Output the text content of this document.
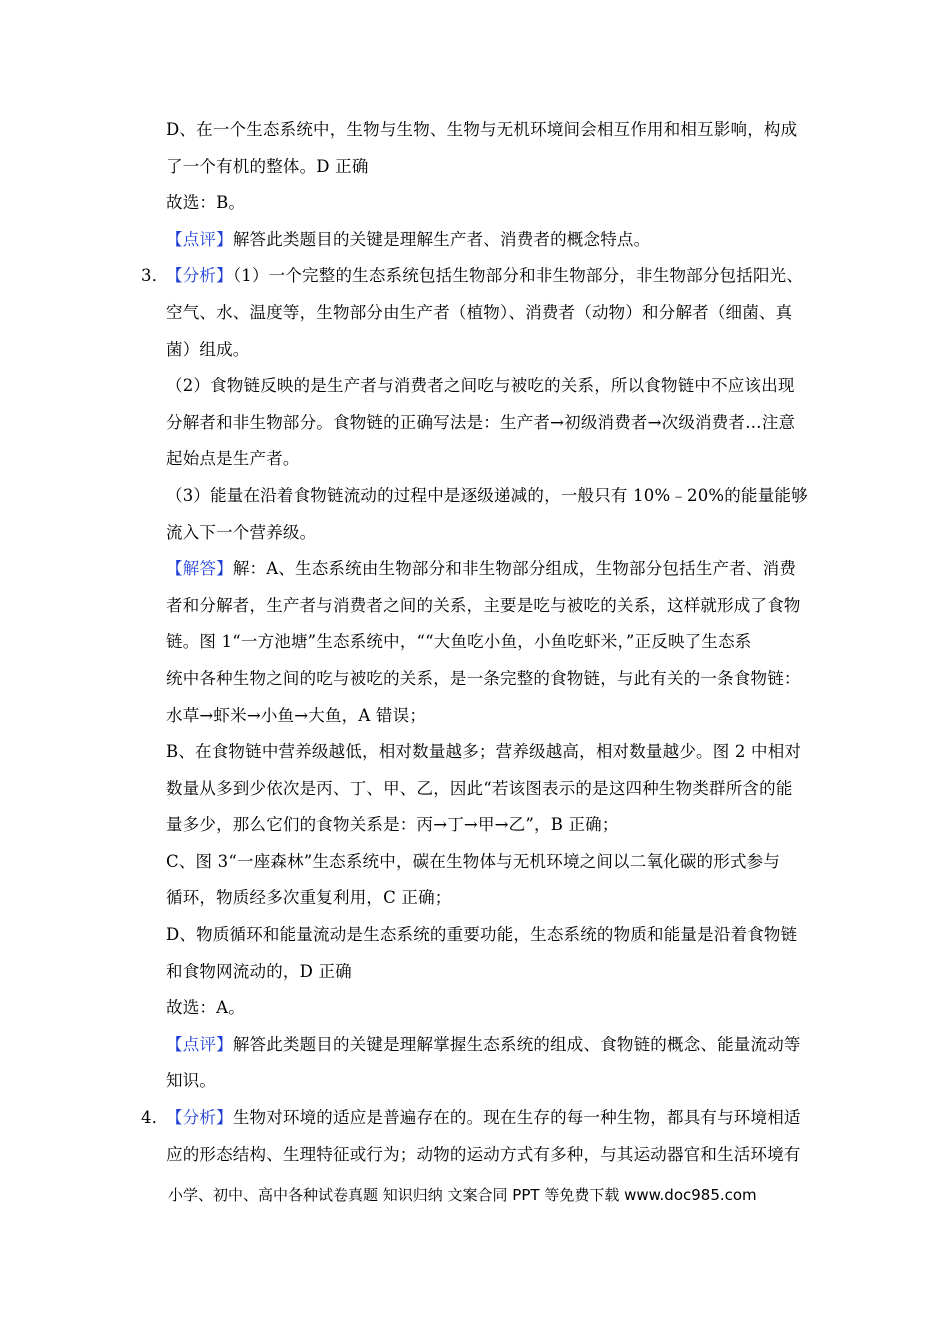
D、在一个生态系统中，生物与生物、生物与无机环境间会相互作用和相互影响，构成
了一个有机的整体。D 正确
故选：B。
【点评】解答此类题目的关键是理解生产者、消费者的概念特点。
3．
【分析】（1）一个完整的生态系统包括生物部分和非生物部分，非生物部分包括阳光、
空气、水、温度等，生物部分由生产者（植物）、消费者（动物）和分解者（细菌、真
菌）组成。
（2）食物链反映的是生产者与消费者之间吃与被吃的关系，所以食物链中不应该出现
分解者和非生物部分。食物链的正确写法是：生产者→初级消费者→次级消费者…注意
起始点是生产者。
（3）能量在沿着食物链流动的过程中是逐级递减的，一般只有 10%﹣20%的能量能够
流入下一个营养级。
【解答】解：A、生态系统由生物部分和非生物部分组成，生物部分包括生产者、消费
者和分解者，生产者与消费者之间的关系，主要是吃与被吃的关系，这样就形成了食物
链。图 1“一方池塘”生态系统中，““大鱼吃小鱼，小鱼吃虾米，”正反映了生态系
统中各种生物之间的吃与被吃的关系，是一条完整的食物链，与此有关的一条食物链：
水草→虾米→小鱼→大鱼，A 错误；
B、在食物链中营养级越低，相对数量越多；营养级越高，相对数量越少。图 2 中相对
数量从多到少依次是丙、丁、甲、乙，因此“若该图表示的是这四种生物类群所含的能
量多少，那么它们的食物关系是：丙→丁→甲→乙”，B 正确；
C、图 3“一座森林”生态系统中，碳在生物体与无机环境之间以二氧化碳的形式参与
循环，物质经多次重复利用，C 正确；
D、物质循环和能量流动是生态系统的重要功能，生态系统的物质和能量是沿着食物链
和食物网流动的，D 正确
故选：A。
【点评】解答此类题目的关键是理解掌握生态系统的组成、食物链的概念、能量流动等
知识。
4．
【分析】生物对环境的适应是普遍存在的。现在生存的每一种生物，都具有与环境相适
应的形态结构、生理特征或行为；动物的运动方式有多种，与其运动器官和生活环境有
小学、初中、高中各种试卷真题 知识归纳 文案合同 PPT 等免费下载 www.doc985.com
